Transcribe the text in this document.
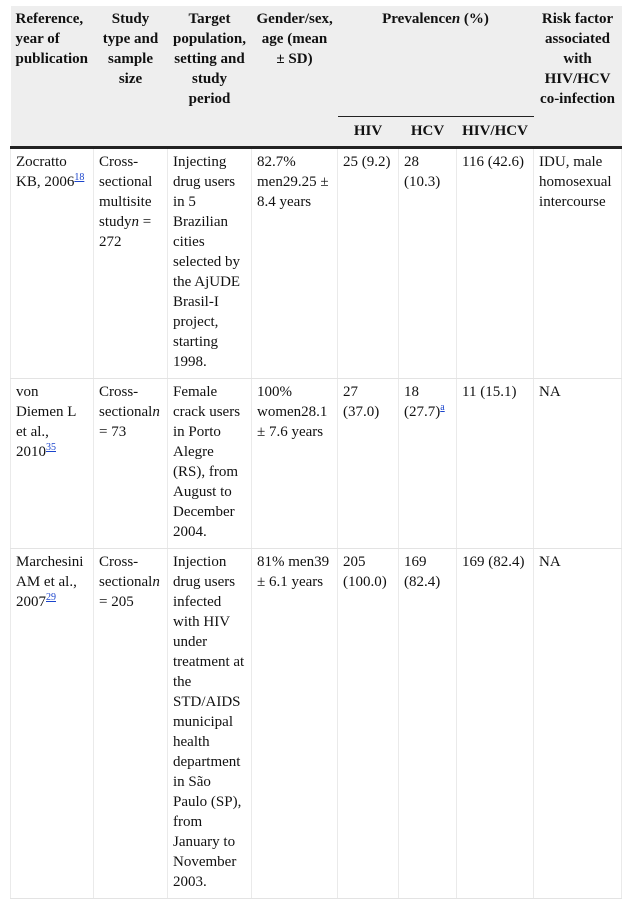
Reference, year of publication	Study type and sample size	Target population, setting and study period	Gender/sex, age (mean ± SD)	Prevalencen (%)			Risk factor associated with HIV/HCV co-infection
				HIV	HCV	HIV/HCV	
Zocratto KB, 2006$^{18}$	Cross-sectional multisite studyn = 272	Injecting drug users in 5 Brazilian cities selected by the AjUDE Brasil-I project, starting 1998.	82.7% men29.25 ± 8.4 years	25 (9.2)	28 (10.3)	116 (42.6)	IDU, male homosexual intercourse
von Diemen L et al., 2010$^{35}$	Cross-sectionaln = 73	Female crack users in Porto Alegre (RS), from August to December 2004.	100% women28.1 ± 7.6 years	27 (37.0)	18 (27.7)$^a$	11 (15.1)	NA
Marchesini AM et al., 2007$^{29}$	Cross-sectionaln = 205	Injection drug users infected with HIV under treatment at the STD/AIDS municipal health department in São Paulo (SP), from January to November 2003.	81% men39 ± 6.1 years	205 (100.0)	169 (82.4)	169 (82.4)	NA
